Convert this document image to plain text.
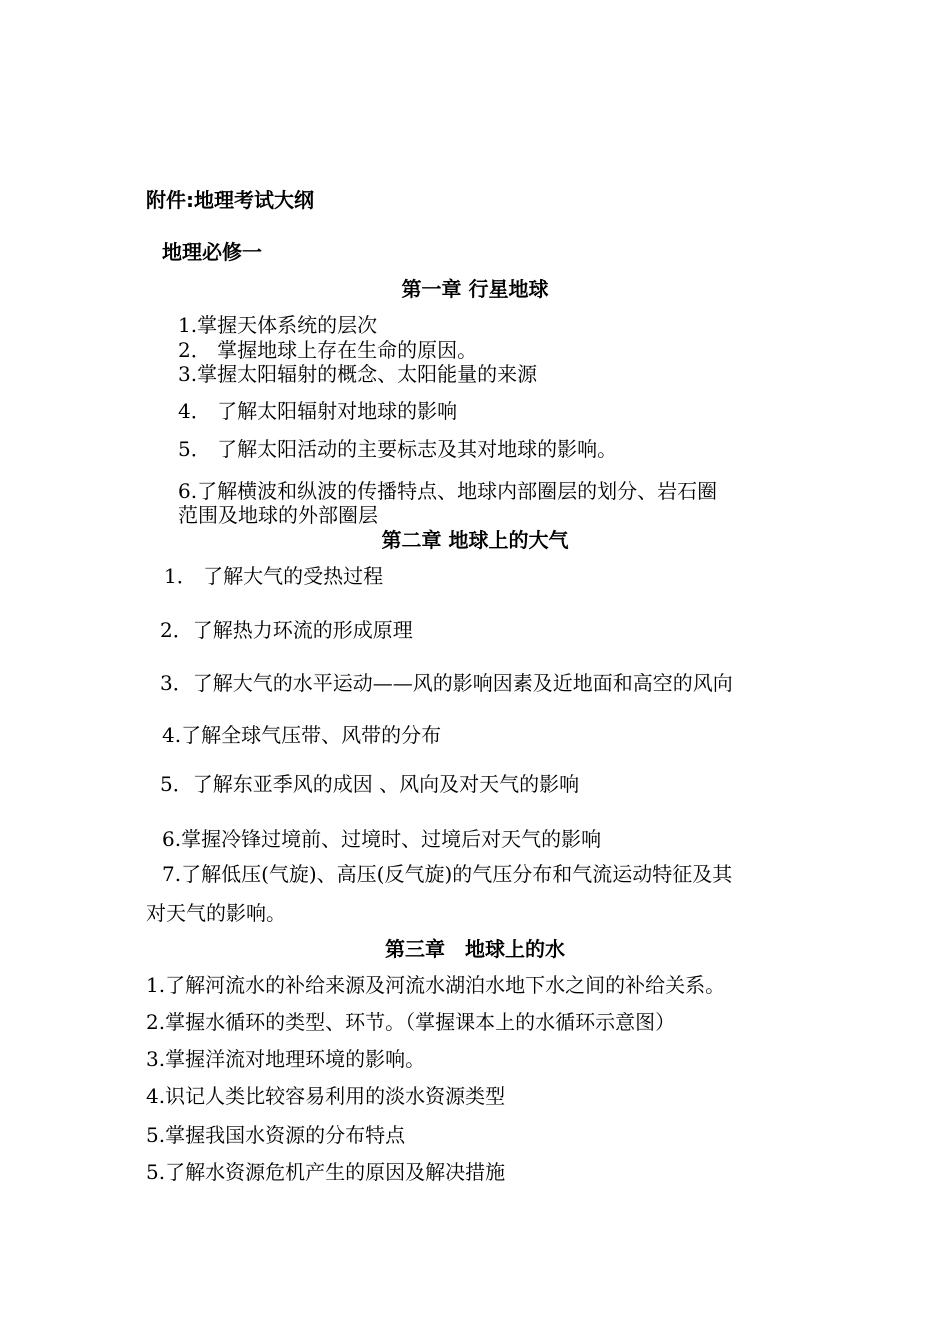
附件:地理考试大纲
地理必修一
第一章 行星地球
1.掌握天体系统的层次
2． 掌握地球上存在生命的原因。
3.掌握太阳辐射的概念、太阳能量的来源
4． 了解太阳辐射对地球的影响
5． 了解太阳活动的主要标志及其对地球的影响。
6.了解横波和纵波的传播特点、地球内部圈层的划分、岩石圈
范围及地球的外部圈层
第二章 地球上的大气
1． 了解大气的受热过程
2．了解热力环流的形成原理
3．了解大气的水平运动——风的影响因素及近地面和高空的风向
4.了解全球气压带、风带的分布
5．了解东亚季风的成因 、风向及对天气的影响
6.掌握冷锋过境前、过境时、过境后对天气的影响
7.了解低压(气旋)、高压(反气旋)的气压分布和气流运动特征及其
对天气的影响。
第三章　地球上的水
1.了解河流水的补给来源及河流水湖泊水地下水之间的补给关系。
2.掌握水循环的类型、环节。（掌握课本上的水循环示意图）
3.掌握洋流对地理环境的影响。
4.识记人类比较容易利用的淡水资源类型
5.掌握我国水资源的分布特点
5.了解水资源危机产生的原因及解决措施
